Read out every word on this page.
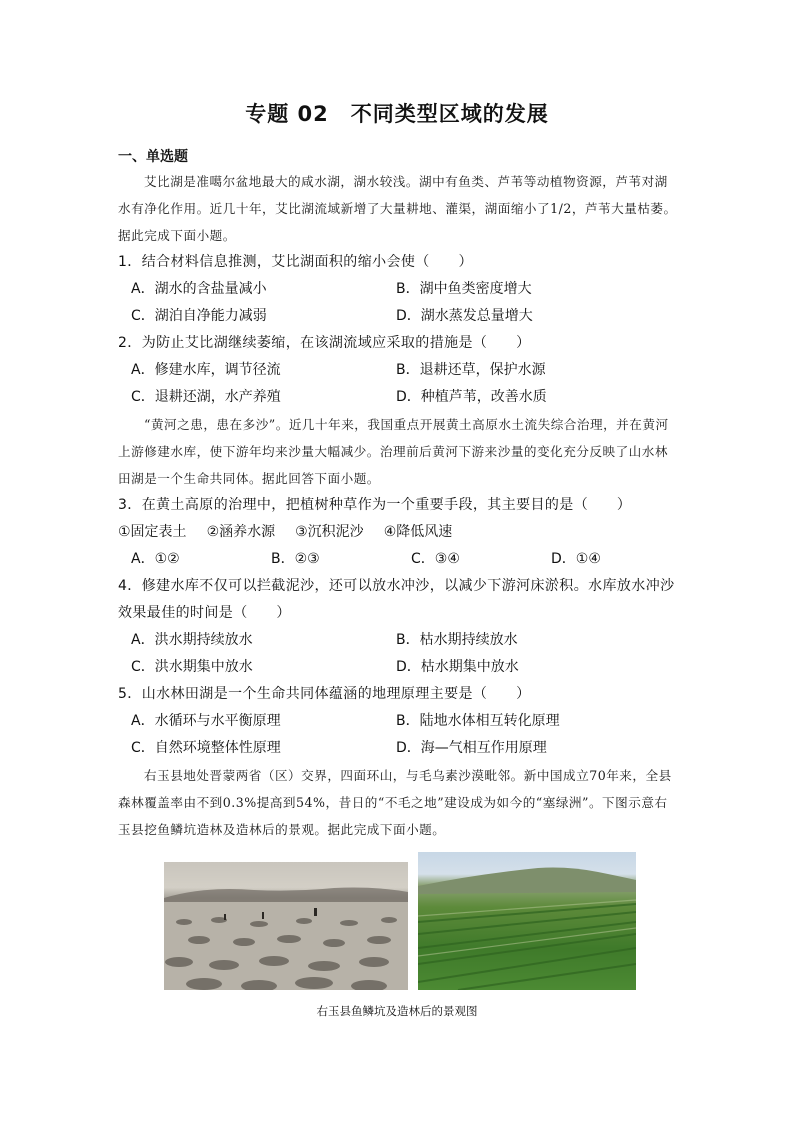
专题 02　不同类型区域的发展
一、单选题

艾比湖是准噶尔盆地最大的咸水湖，湖水较浅。湖中有鱼类、芦苇等动植物资源，芦苇对湖水有净化作用。近几十年，艾比湖流域新增了大量耕地、灌渠，湖面缩小了1/2，芦苇大量枯萎。据此完成下面小题。

1．结合材料信息推测，艾比湖面积的缩小会使（　　）

A．湖水的含盐量减小	B．湖中鱼类密度增大
C．湖泊自净能力减弱	D．湖水蒸发总量增大

2．为防止艾比湖继续萎缩，在该湖流域应采取的措施是（　　）

A．修建水库，调节径流	B．退耕还草，保护水源
C．退耕还湖，水产养殖	D．种植芦苇，改善水质

“黄河之患，患在多沙”。近几十年来，我国重点开展黄土高原水土流失综合治理，并在黄河上游修建水库，使下游年均来沙量大幅减少。治理前后黄河下游来沙量的变化充分反映了山水林田湖是一个生命共同体。据此回答下面小题。

3．在黄土高原的治理中，把植树种草作为一个重要手段，其主要目的是（　　）

①固定表土 ②涵养水源 ③沉积泥沙 ④降低风速
A．①②	B．②③	C．③④	D．①④

4．修建水库不仅可以拦截泥沙，还可以放水冲沙，以减少下游河床淤积。水库放水冲沙效果最佳的时间是（　　）

A．洪水期持续放水	B．枯水期持续放水
C．洪水期集中放水	D．枯水期集中放水

5．山水林田湖是一个生命共同体蕴涵的地理原理主要是（　　）

A．水循环与水平衡原理	B．陆地水体相互转化原理
C．自然环境整体性原理	D．海—气相互作用原理

右玉县地处晋蒙两省（区）交界，四面环山，与毛乌素沙漠毗邻。新中国成立70年来，全县森林覆盖率由不到0.3%提高到54%，昔日的“不毛之地”建设成为如今的“塞绿洲”。下图示意右玉县挖鱼鳞坑造林及造林后的景观。据此完成下面小题。

右玉县鱼鳞坑及造林后的景观图
